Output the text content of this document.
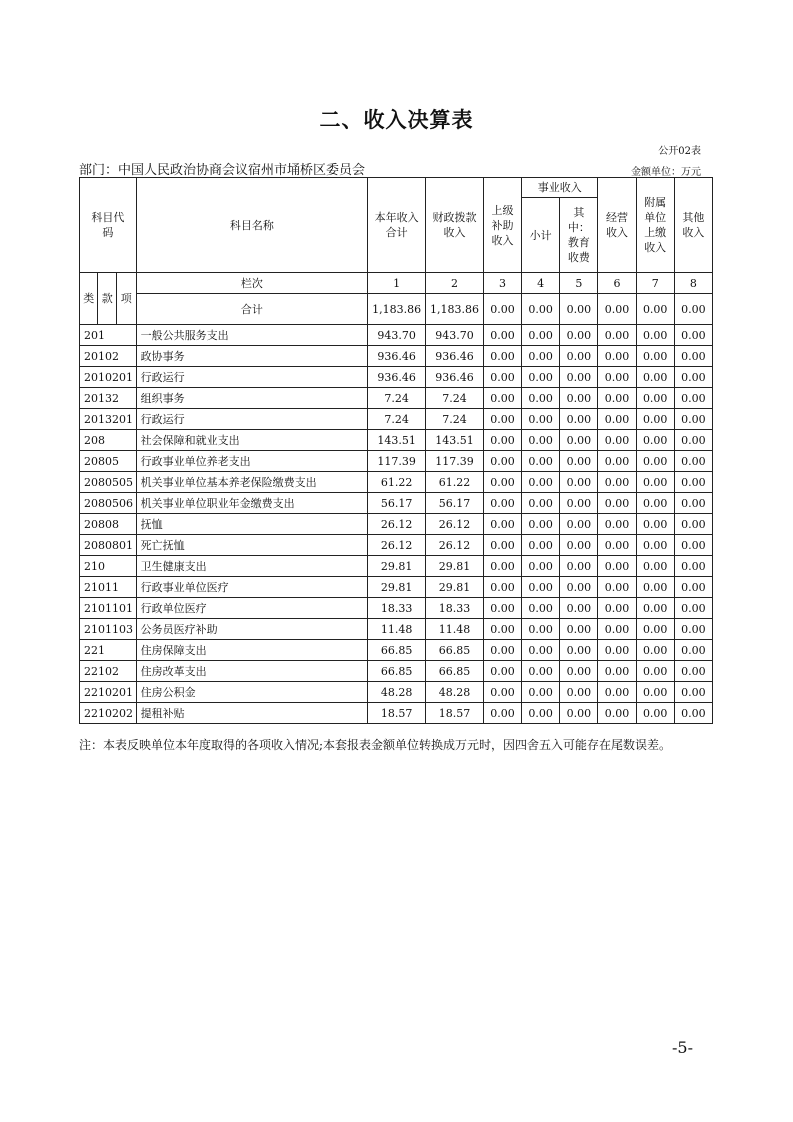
二、收入决算表
公开02表
部门：中国人民政治协商会议宿州市埇桥区委员会	金额单位：万元
科目代码			科目名称	本年收入合计	财政拨款收入	上级补助收入	事业收入		经营收入	附属单位上缴收入	其他收入	
							小计	其中：教育收费				
类	款	项	栏次	1	2	3	4	5	6	7	8	
			合计	1,183.86	1,183.86	0.00	0.00	0.00	0.00	0.00	0.00	
201			一般公共服务支出	943.70	943.70	0.00	0.00	0.00	0.00	0.00	0.00	
20102			政协事务	936.46	936.46	0.00	0.00	0.00	0.00	0.00	0.00	
2010201			行政运行	936.46	936.46	0.00	0.00	0.00	0.00	0.00	0.00	
20132			组织事务	7.24	7.24	0.00	0.00	0.00	0.00	0.00	0.00	
2013201			行政运行	7.24	7.24	0.00	0.00	0.00	0.00	0.00	0.00	
208			社会保障和就业支出	143.51	143.51	0.00	0.00	0.00	0.00	0.00	0.00	
20805			行政事业单位养老支出	117.39	117.39	0.00	0.00	0.00	0.00	0.00	0.00	
2080505			机关事业单位基本养老保险缴费支出	61.22	61.22	0.00	0.00	0.00	0.00	0.00	0.00	
2080506			机关事业单位职业年金缴费支出	56.17	56.17	0.00	0.00	0.00	0.00	0.00	0.00	
20808			抚恤	26.12	26.12	0.00	0.00	0.00	0.00	0.00	0.00	
2080801			死亡抚恤	26.12	26.12	0.00	0.00	0.00	0.00	0.00	0.00	
210			卫生健康支出	29.81	29.81	0.00	0.00	0.00	0.00	0.00	0.00	
21011			行政事业单位医疗	29.81	29.81	0.00	0.00	0.00	0.00	0.00	0.00	
2101101			行政单位医疗	18.33	18.33	0.00	0.00	0.00	0.00	0.00	0.00	
2101103			公务员医疗补助	11.48	11.48	0.00	0.00	0.00	0.00	0.00	0.00	
221			住房保障支出	66.85	66.85	0.00	0.00	0.00	0.00	0.00	0.00	
22102			住房改革支出	66.85	66.85	0.00	0.00	0.00	0.00	0.00	0.00	
2210201			住房公积金	48.28	48.28	0.00	0.00	0.00	0.00	0.00	0.00	
2210202			提租补贴	18.57	18.57	0.00	0.00	0.00	0.00	0.00	0.00	
注：本表反映单位本年度取得的各项收入情况;本套报表金额单位转换成万元时，因四舍五入可能存在尾数误差。
-5-
